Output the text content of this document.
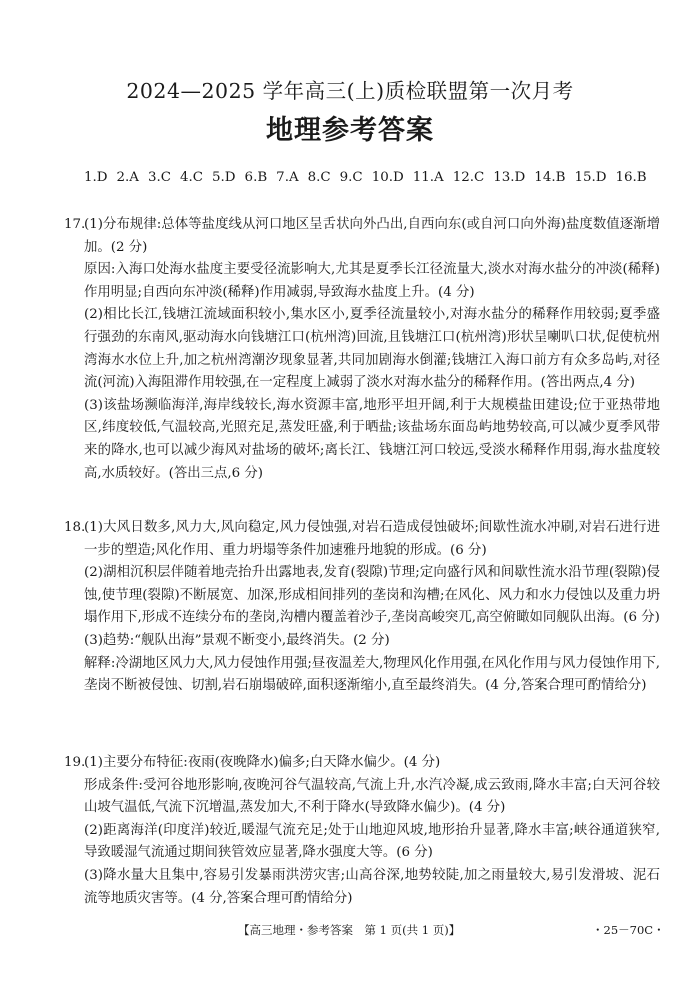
2024—2025 学年高三(上)质检联盟第一次月考
地理参考答案
1.D 2.A 3.C 4.C 5.D 6.B 7.A 8.C 9.C 10.D 11.A 12.C 13.D 14.B 15.D 16.B
17.

(1)分布规律:总体等盐度线从河口地区呈舌状向外凸出,自西向东(或自河口向外海)盐度数值逐渐增加。(2 分)

原因:入海口处海水盐度主要受径流影响大,尤其是夏季长江径流量大,淡水对海水盐分的冲淡(稀释)作用明显;自西向东冲淡(稀释)作用减弱,导致海水盐度上升。(4 分)

(2)相比长江,钱塘江流域面积较小,集水区小,夏季径流量较小,对海水盐分的稀释作用较弱;夏季盛行强劲的东南风,驱动海水向钱塘江口(杭州湾)回流,且钱塘江口(杭州湾)形状呈喇叭口状,促使杭州湾海水水位上升,加之杭州湾潮汐现象显著,共同加剧海水倒灌;钱塘江入海口前方有众多岛屿,对径流(河流)入海阻滞作用较强,在一定程度上减弱了淡水对海水盐分的稀释作用。(答出两点,4 分)

(3)该盐场濒临海洋,海岸线较长,海水资源丰富,地形平坦开阔,利于大规模盐田建设;位于亚热带地区,纬度较低,气温较高,光照充足,蒸发旺盛,利于晒盐;该盐场东面岛屿地势较高,可以减少夏季风带来的降水,也可以减少海风对盐场的破坏;离长江、钱塘江河口较远,受淡水稀释作用弱,海水盐度较高,水质较好。(答出三点,6 分)

18.

(1)大风日数多,风力大,风向稳定,风力侵蚀强,对岩石造成侵蚀破坏;间歇性流水冲刷,对岩石进行进一步的塑造;风化作用、重力坍塌等条件加速雅丹地貌的形成。(6 分)

(2)湖相沉积层伴随着地壳抬升出露地表,发育(裂隙)节理;定向盛行风和间歇性流水沿节理(裂隙)侵蚀,使节理(裂隙)不断展宽、加深,形成相间排列的垄岗和沟槽;在风化、风力和水力侵蚀以及重力坍塌作用下,形成不连续分布的垄岗,沟槽内覆盖着沙子,垄岗高峻突兀,高空俯瞰如同舰队出海。(6 分)

(3)趋势:“舰队出海”景观不断变小,最终消失。(2 分)

解释:冷湖地区风力大,风力侵蚀作用强;昼夜温差大,物理风化作用强,在风化作用与风力侵蚀作用下,垄岗不断被侵蚀、切割,岩石崩塌破碎,面积逐渐缩小,直至最终消失。(4 分,答案合理可酌情给分)

19.

(1)主要分布特征:夜雨(夜晚降水)偏多;白天降水偏少。(4 分)

形成条件:受河谷地形影响,夜晚河谷气温较高,气流上升,水汽冷凝,成云致雨,降水丰富;白天河谷较山坡气温低,气流下沉增温,蒸发加大,不利于降水(导致降水偏少)。(4 分)

(2)距离海洋(印度洋)较近,暖湿气流充足;处于山地迎风坡,地形抬升显著,降水丰富;峡谷通道狭窄,导致暖湿气流通过期间狭管效应显著,降水强度大等。(6 分)

(3)降水量大且集中,容易引发暴雨洪涝灾害;山高谷深,地势较陡,加之雨量较大,易引发滑坡、泥石流等地质灾害等。(4 分,答案合理可酌情给分)

【高三地理・参考答案　第 1 页(共 1 页)】	・25－70C・
